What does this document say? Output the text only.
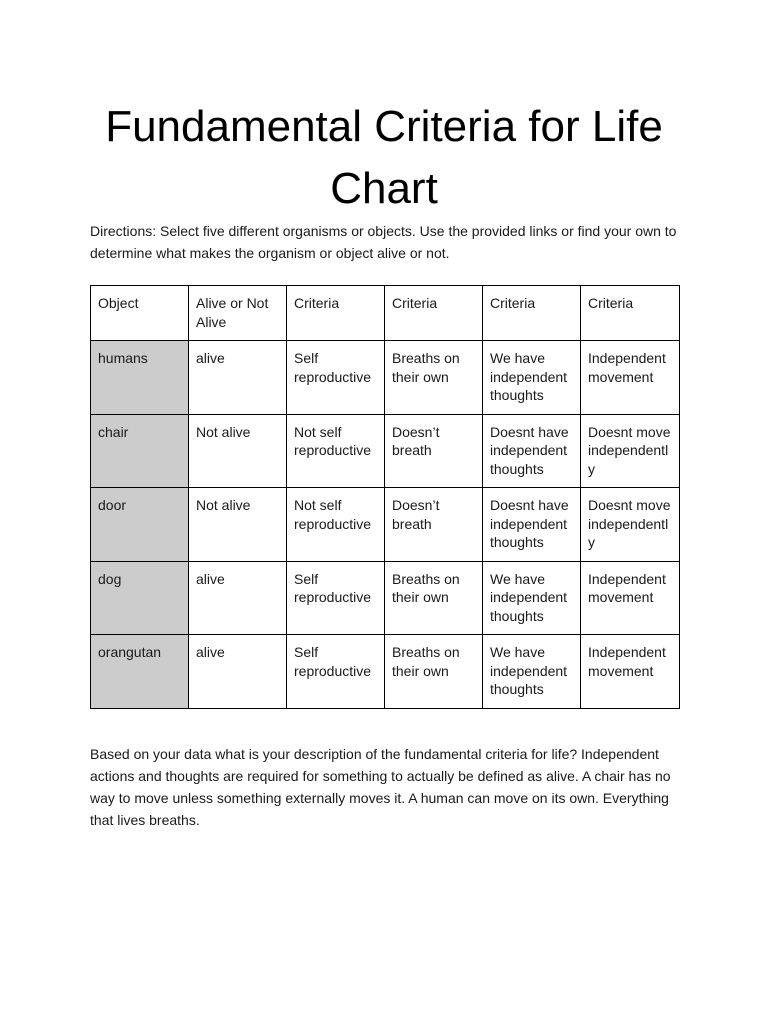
Fundamental Criteria for Life
Chart

Directions: Select five different organisms or objects. Use the provided links or find your own to determine what makes the organism or object alive or not.

Object	Alive or Not Alive	Criteria	Criteria	Criteria	Criteria
humans	alive	Self reproductive	Breaths on their own	We have independent thoughts	Independent movement
chair	Not alive	Not self reproductive	Doesn’t breath	Doesnt have independent thoughts	Doesnt move independently
door	Not alive	Not self reproductive	Doesn’t breath	Doesnt have independent thoughts	Doesnt move independently
dog	alive	Self reproductive	Breaths on their own	We have independent thoughts	Independent movement
orangutan	alive	Self reproductive	Breaths on their own	We have independent thoughts	Independent movement

Based on your data what is your description of the fundamental criteria for life? Independent actions and thoughts are required for something to actually be defined as alive. A chair has no way to move unless something externally moves it. A human can move on its own. Everything that lives breaths.
